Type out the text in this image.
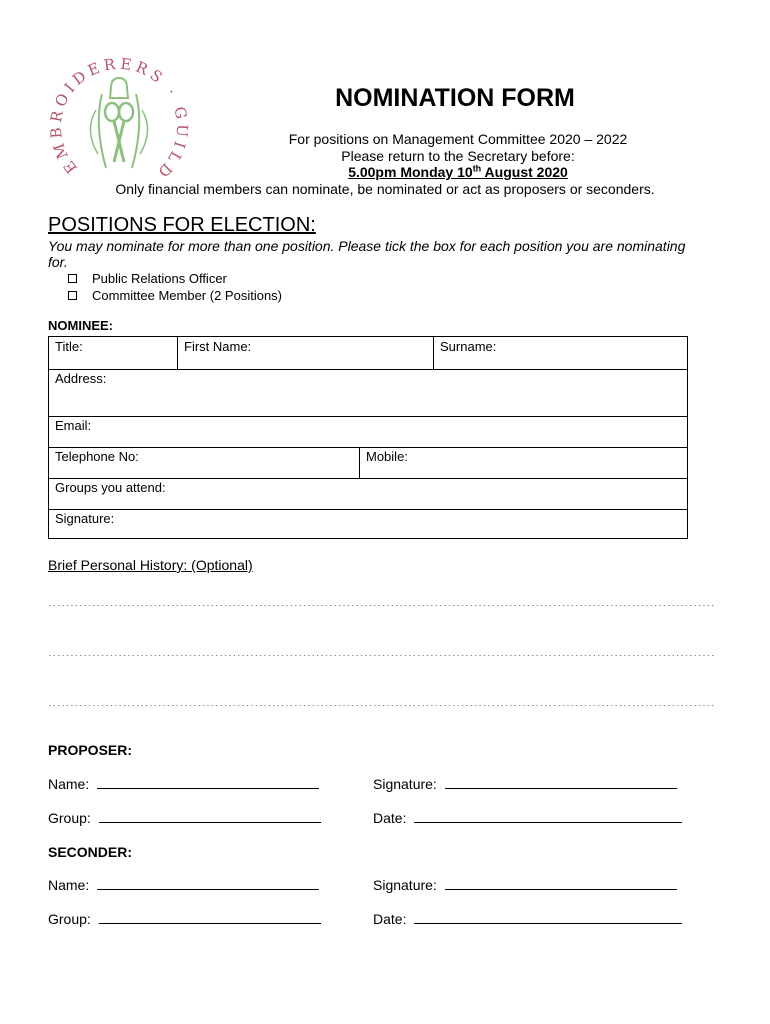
EMBROIDERERS · GUILD
NOMINATION FORM
For positions on Management Committee 2020 – 2022
Please return to the Secretary before:
5.00pm Monday 10th August 2020
Only financial members can nominate, be nominated or act as proposers or seconders.
POSITIONS FOR ELECTION:
You may nominate for more than one position. Please tick the box for each position you are nominating for.
Public Relations Officer
Committee Member (2 Positions)
NOMINEE:
Title:	First Name:	Surname:
Address:
Email:
Telephone No:	Mobile:
Groups you attend:
Signature:
Brief Personal History: (Optional)
.....
.....
.....
PROPOSER:
Name:	Signature:
Group:	Date:
SECONDER:
Name:	Signature:
Group:	Date:
